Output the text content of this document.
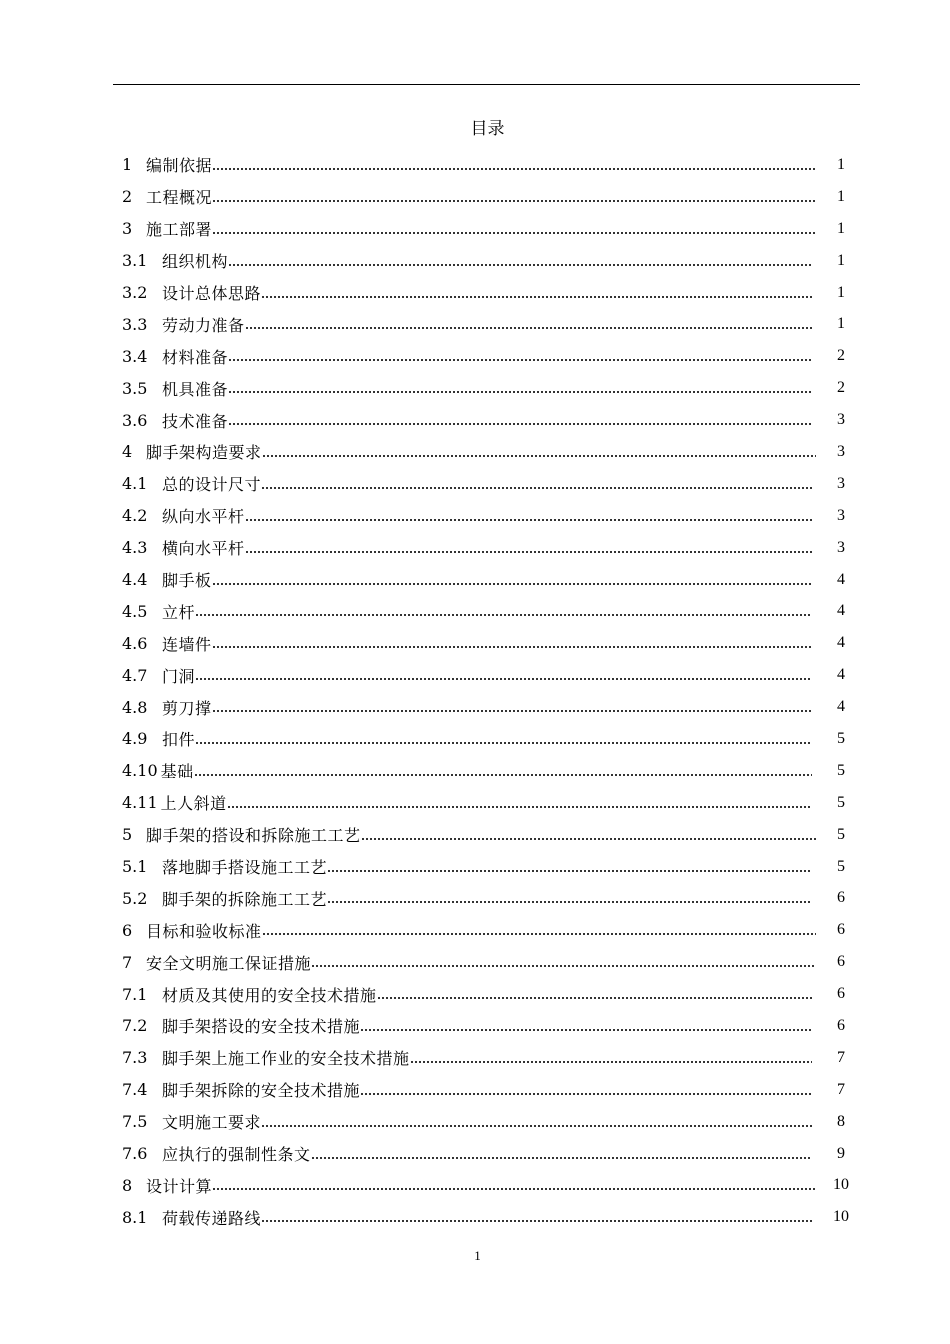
目录
1 编制依据	1
2 工程概况	1
3 施工部署	1
3.1 组织机构	1
3.2 设计总体思路	1
3.3 劳动力准备	1
3.4 材料准备	2
3.5 机具准备	2
3.6 技术准备	3
4 脚手架构造要求	3
4.1 总的设计尺寸	3
4.2 纵向水平杆	3
4.3 横向水平杆	3
4.4 脚手板	4
4.5 立杆	4
4.6 连墙件	4
4.7 门洞	4
4.8 剪刀撑	4
4.9 扣件	5
4.10 基础	5
4.11 上人斜道	5
5 脚手架的搭设和拆除施工工艺	5
5.1 落地脚手搭设施工工艺	5
5.2 脚手架的拆除施工工艺	6
6 目标和验收标准	6
7 安全文明施工保证措施	6
7.1 材质及其使用的安全技术措施	6
7.2 脚手架搭设的安全技术措施	6
7.3 脚手架上施工作业的安全技术措施	7
7.4 脚手架拆除的安全技术措施	7
7.5 文明施工要求	8
7.6 应执行的强制性条文	9
8 设计计算	10
8.1 荷载传递路线	10
1
